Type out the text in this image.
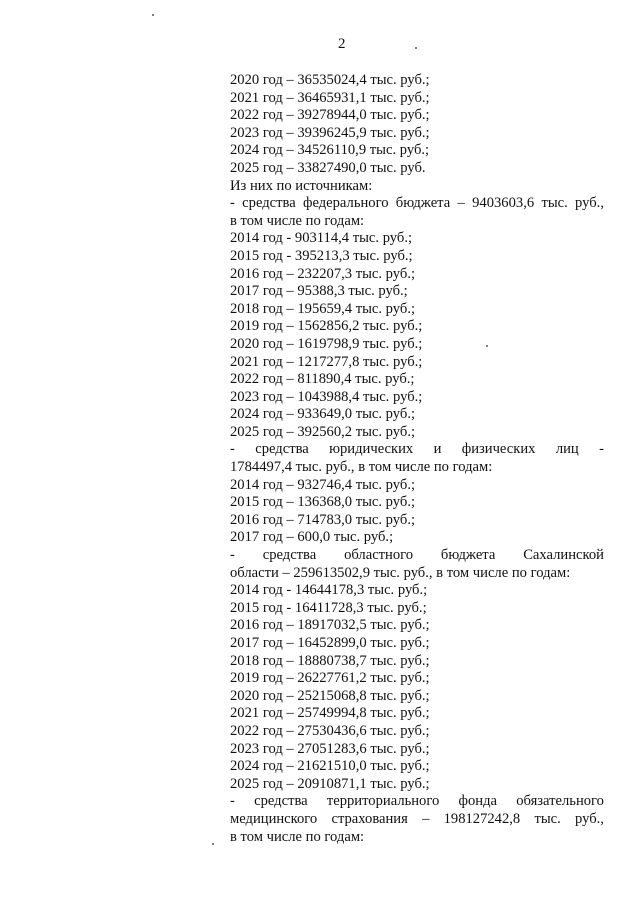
2
2020 год – 36535024,4 тыс. руб.;
2021 год – 36465931,1 тыс. руб.;
2022 год – 39278944,0 тыс. руб.;
2023 год – 39396245,9 тыс. руб.;
2024 год – 34526110,9 тыс. руб.;
2025 год – 33827490,0 тыс. руб.
Из них по источникам:
- средства федерального бюджета – 9403603,6 тыс. руб.,
в том числе по годам:
2014 год - 903114,4 тыс. руб.;
2015 год - 395213,3 тыс. руб.;
2016 год – 232207,3 тыс. руб.;
2017 год – 95388,3 тыс. руб.;
2018 год – 195659,4 тыс. руб.;
2019 год – 1562856,2 тыс. руб.;
2020 год – 1619798,9 тыс. руб.;
2021 год – 1217277,8 тыс. руб.;
2022 год – 811890,4 тыс. руб.;
2023 год – 1043988,4 тыс. руб.;
2024 год – 933649,0 тыс. руб.;
2025 год – 392560,2 тыс. руб.;
- средства юридических и физических лиц -
1784497,4 тыс. руб., в том числе по годам:
2014 год – 932746,4 тыс. руб.;
2015 год – 136368,0 тыс. руб.;
2016 год – 714783,0 тыс. руб.;
2017 год – 600,0 тыс. руб.;
- средства областного бюджета Сахалинской
области – 259613502,9 тыс. руб., в том числе по годам:
2014 год - 14644178,3 тыс. руб.;
2015 год - 16411728,3 тыс. руб.;
2016 год – 18917032,5 тыс. руб.;
2017 год – 16452899,0 тыс. руб.;
2018 год – 18880738,7 тыс. руб.;
2019 год – 26227761,2 тыс. руб.;
2020 год – 25215068,8 тыс. руб.;
2021 год – 25749994,8 тыс. руб.;
2022 год – 27530436,6 тыс. руб.;
2023 год – 27051283,6 тыс. руб.;
2024 год – 21621510,0 тыс. руб.;
2025 год – 20910871,1 тыс. руб.;
- средства территориального фонда обязательного
медицинского страхования – 198127242,8 тыс. руб.,
в том числе по годам:
